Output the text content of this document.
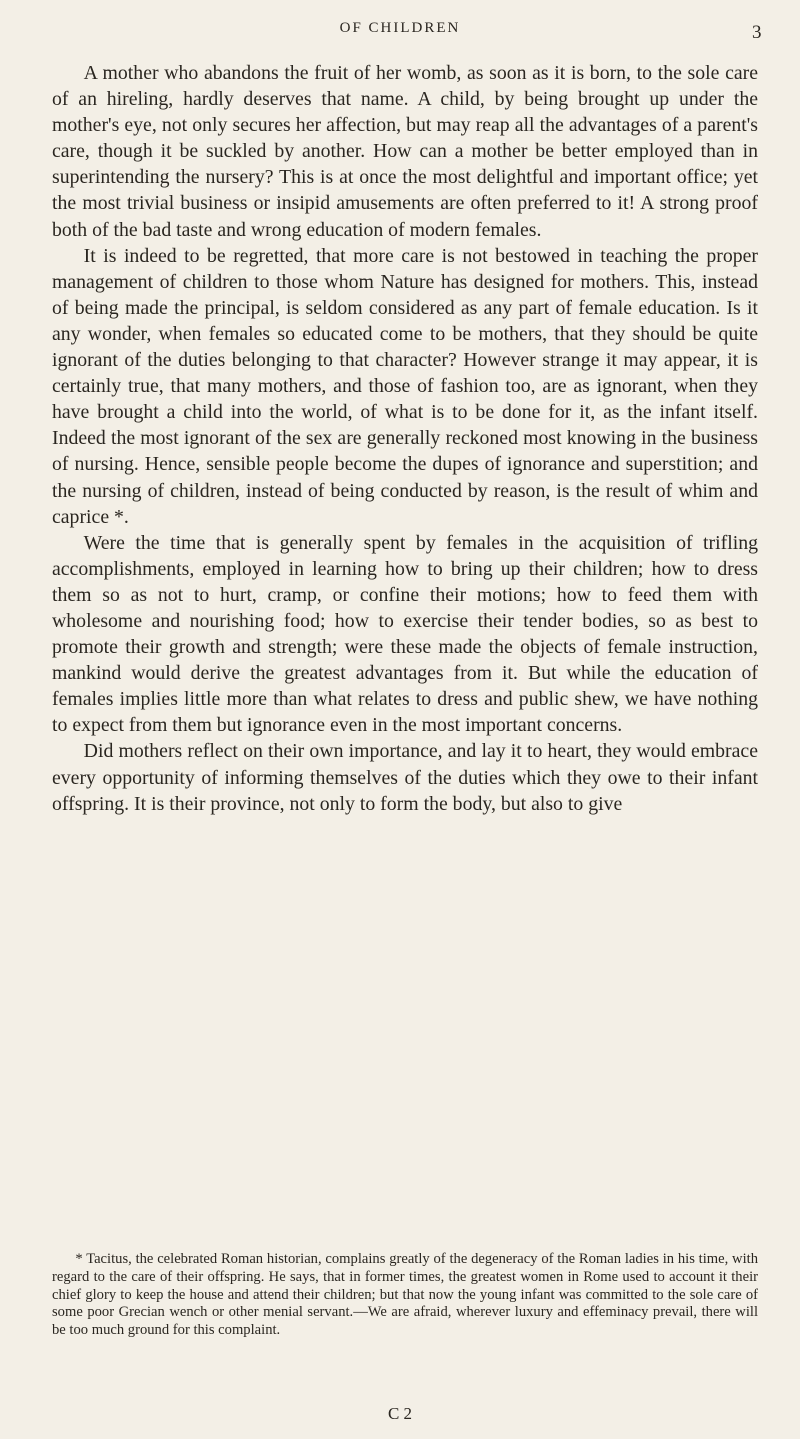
OF CHILDREN	3

A mother who abandons the fruit of her womb, as soon as it is born, to the sole care of an hireling, hardly deserves that name. A child, by being brought up under the mother's eye, not only secures her affection, but may reap all the advantages of a parent's care, though it be suckled by another. How can a mother be better employed than in superintending the nursery? This is at once the most delightful and important office; yet the most trivial business or insipid amusements are often preferred to it! A strong proof both of the bad taste and wrong education of modern females.

It is indeed to be regretted, that more care is not bestowed in teaching the proper management of children to those whom Nature has designed for mothers. This, instead of being made the principal, is seldom considered as any part of female education. Is it any wonder, when females so educated come to be mothers, that they should be quite ignorant of the duties belonging to that character? However strange it may appear, it is certainly true, that many mothers, and those of fashion too, are as ignorant, when they have brought a child into the world, of what is to be done for it, as the infant itself. Indeed the most ignorant of the sex are generally reckoned most knowing in the business of nursing. Hence, sensible people become the dupes of ignorance and superstition; and the nursing of children, instead of being conducted by reason, is the result of whim and caprice *.

Were the time that is generally spent by females in the acquisition of trifling accomplishments, employed in learning how to bring up their children; how to dress them so as not to hurt, cramp, or confine their motions; how to feed them with wholesome and nourishing food; how to exercise their tender bodies, so as best to promote their growth and strength; were these made the objects of female instruction, mankind would derive the greatest advantages from it. But while the education of females implies little more than what relates to dress and public shew, we have nothing to expect from them but ignorance even in the most important concerns.

Did mothers reflect on their own importance, and lay it to heart, they would embrace every opportunity of informing themselves of the duties which they owe to their infant offspring. It is their province, not only to form the body, but also to give

* Tacitus, the celebrated Roman historian, complains greatly of the degeneracy of the Roman ladies in his time, with regard to the care of their offspring. He says, that in former times, the greatest women in Rome used to account it their chief glory to keep the house and attend their children; but that now the young infant was committed to the sole care of some poor Grecian wench or other menial servant.—We are afraid, wherever luxury and effeminacy prevail, there will be too much ground for this complaint.

C 2
